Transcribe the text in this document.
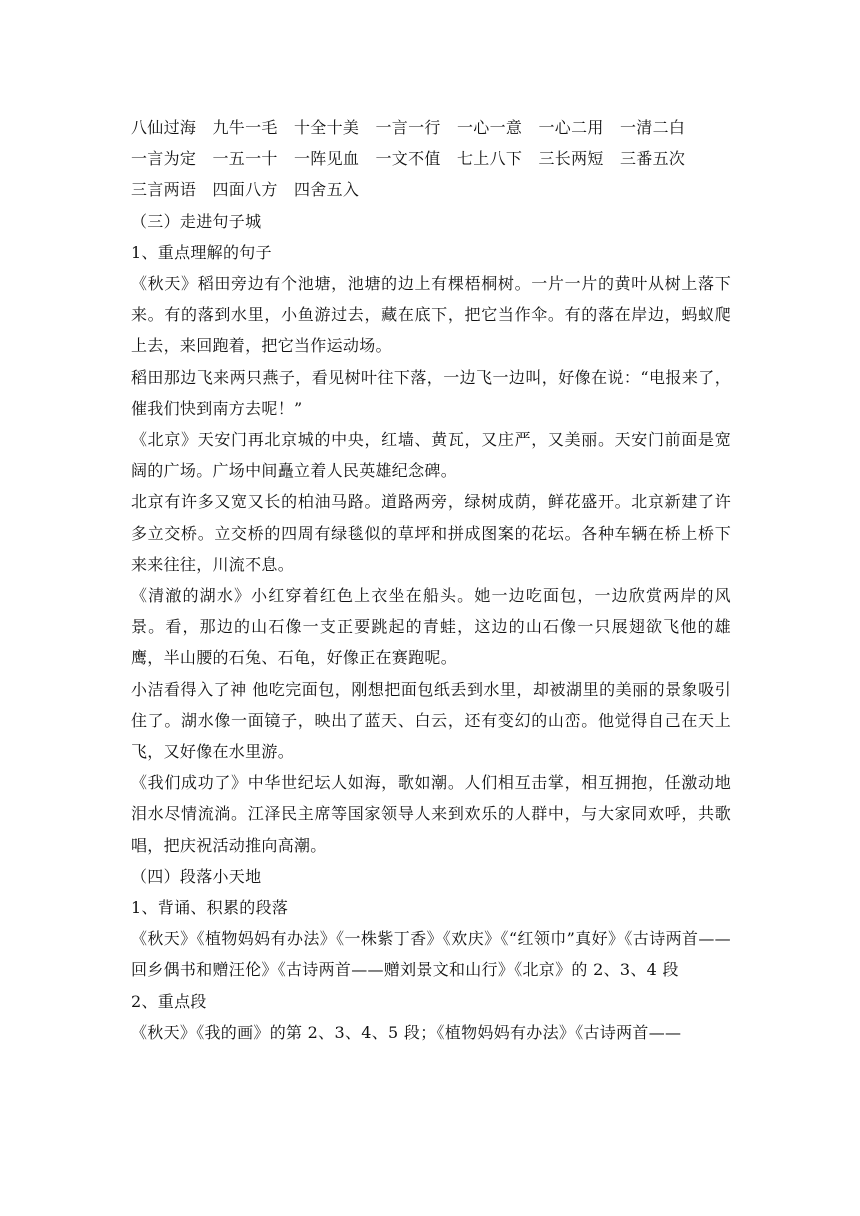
八仙过海　九牛一毛　十全十美　一言一行　一心一意　一心二用　一清二白

一言为定　一五一十　一阵见血　一文不值　七上八下　三长两短　三番五次

三言两语　四面八方　四舍五入

（三）走进句子城

1、重点理解的句子

《秋天》稻田旁边有个池塘，池塘的边上有棵梧桐树。一片一片的黄叶从树上落下来。有的落到水里，小鱼游过去，藏在底下，把它当作伞。有的落在岸边，蚂蚁爬上去，来回跑着，把它当作运动场。

稻田那边飞来两只燕子，看见树叶往下落，一边飞一边叫，好像在说：“电报来了，催我们快到南方去呢！”

《北京》天安门再北京城的中央，红墙、黄瓦，又庄严，又美丽。天安门前面是宽阔的广场。广场中间矗立着人民英雄纪念碑。

北京有许多又宽又长的柏油马路。道路两旁，绿树成荫，鲜花盛开。北京新建了许多立交桥。立交桥的四周有绿毯似的草坪和拼成图案的花坛。各种车辆在桥上桥下来来往往，川流不息。

《清澈的湖水》小红穿着红色上衣坐在船头。她一边吃面包，一边欣赏两岸的风景。看，那边的山石像一支正要跳起的青蛙，这边的山石像一只展翅欲飞他的雄鹰，半山腰的石兔、石龟，好像正在赛跑呢。

小洁看得入了神 他吃完面包，刚想把面包纸丢到水里，却被湖里的美丽的景象吸引住了。湖水像一面镜子，映出了蓝天、白云，还有变幻的山峦。他觉得自己在天上飞，又好像在水里游。

《我们成功了》中华世纪坛人如海，歌如潮。人们相互击掌，相互拥抱，任激动地泪水尽情流淌。江泽民主席等国家领导人来到欢乐的人群中，与大家同欢呼，共歌唱，把庆祝活动推向高潮。

（四）段落小天地

1、背诵、积累的段落

《秋天》《植物妈妈有办法》《一株紫丁香》《欢庆》《“红领巾”真好》《古诗两首——回乡偶书和赠汪伦》《古诗两首——赠刘景文和山行》《北京》的 2、3、4 段

2、重点段

《秋天》《我的画》的第 2、3、4、5 段；《植物妈妈有办法》《古诗两首——
